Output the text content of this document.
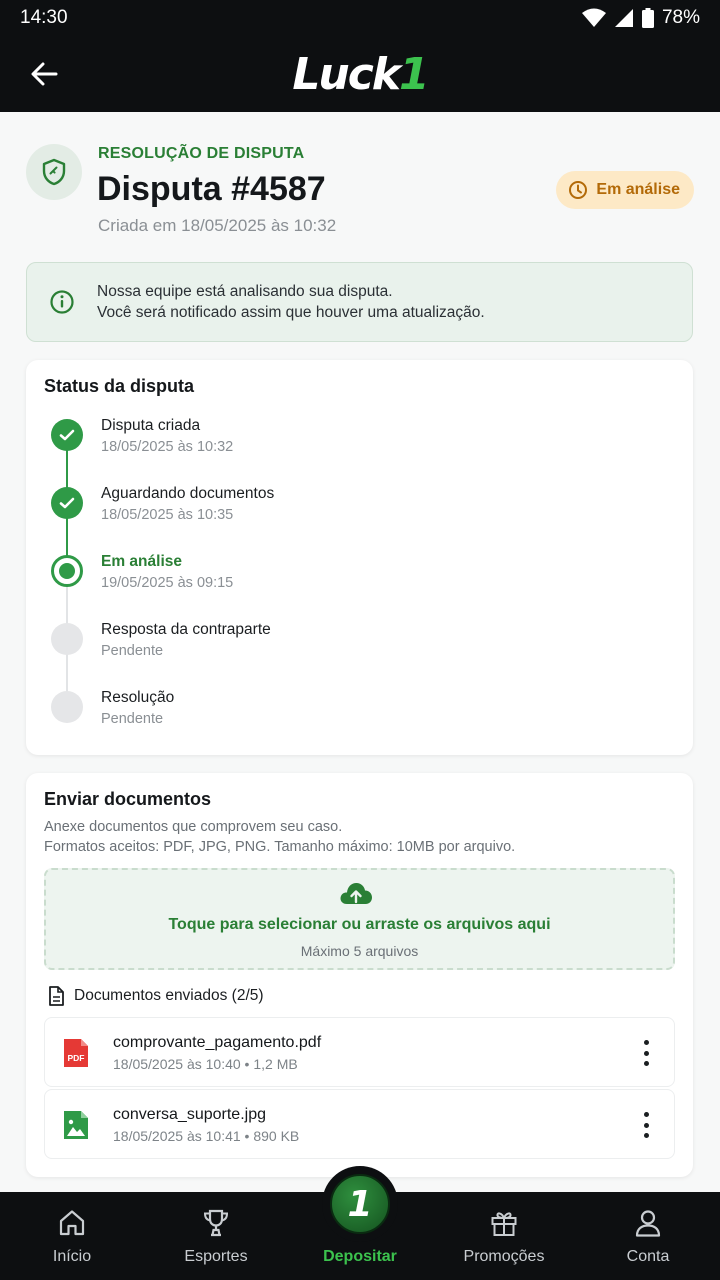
14:30	78%
Luck1
RESOLUÇÃO DE DISPUTA
Disputa #4587
Criada em 18/05/2025 às 10:32
Em análise
Nossa equipe está analisando sua disputa.
Você será notificado assim que houver uma atualização.
Status da disputa
Disputa criada
18/05/2025 às 10:32
Aguardando documentos
18/05/2025 às 10:35
Em análise
19/05/2025 às 09:15
Resposta da contraparte
Pendente
Resolução
Pendente
Enviar documentos
Anexe documentos que comprovem seu caso.
Formatos aceitos: PDF, JPG, PNG. Tamanho máximo: 10MB por arquivo.
Toque para selecionar ou arraste os arquivos aqui
Máximo 5 arquivos
Documentos enviados (2/5)
PDF
comprovante_pagamento.pdf
18/05/2025 às 10:40 • 1,2 MB
conversa_suporte.jpg
18/05/2025 às 10:41 • 890 KB
Início	Esportes	Depositar	Promoções	Conta
1
